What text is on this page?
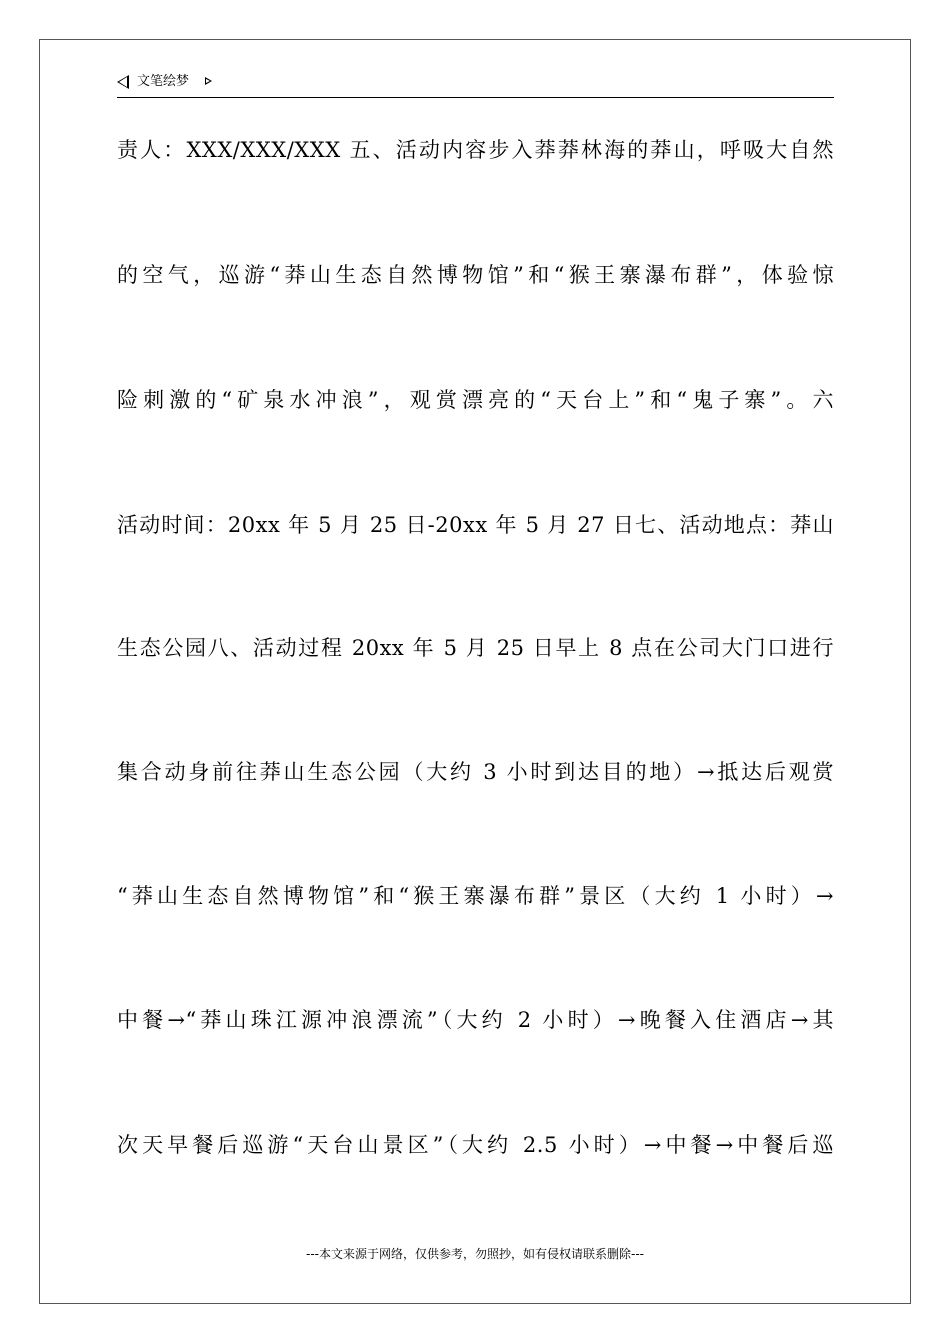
文笔绘梦
责人：XXX/XXX/XXX 五、活动内容步入莽莽林海的莽山，呼吸大自然
的空气，巡游“莽山生态自然博物馆”和“猴王寨瀑布群”，体验惊
险刺激的“矿泉水冲浪”，观赏漂亮的“天台上”和“鬼子寨”。六
活动时间：20xx 年 5 月 25 日-20xx 年 5 月 27 日七、活动地点：莽山
生态公园八、活动过程 20xx 年 5 月 25 日早上 8 点在公司大门口进行
集合动身前往莽山生态公园（大约 3 小时到达目的地）→抵达后观赏
“莽山生态自然博物馆”和“猴王寨瀑布群”景区（大约 1 小时）→
中餐→“莽山珠江源冲浪漂流”（大约 2 小时）→晚餐入住酒店→其
次天早餐后巡游“天台山景区”（大约 2.5 小时）→中餐→中餐后巡
---本文来源于网络，仅供参考，勿照抄，如有侵权请联系删除---
